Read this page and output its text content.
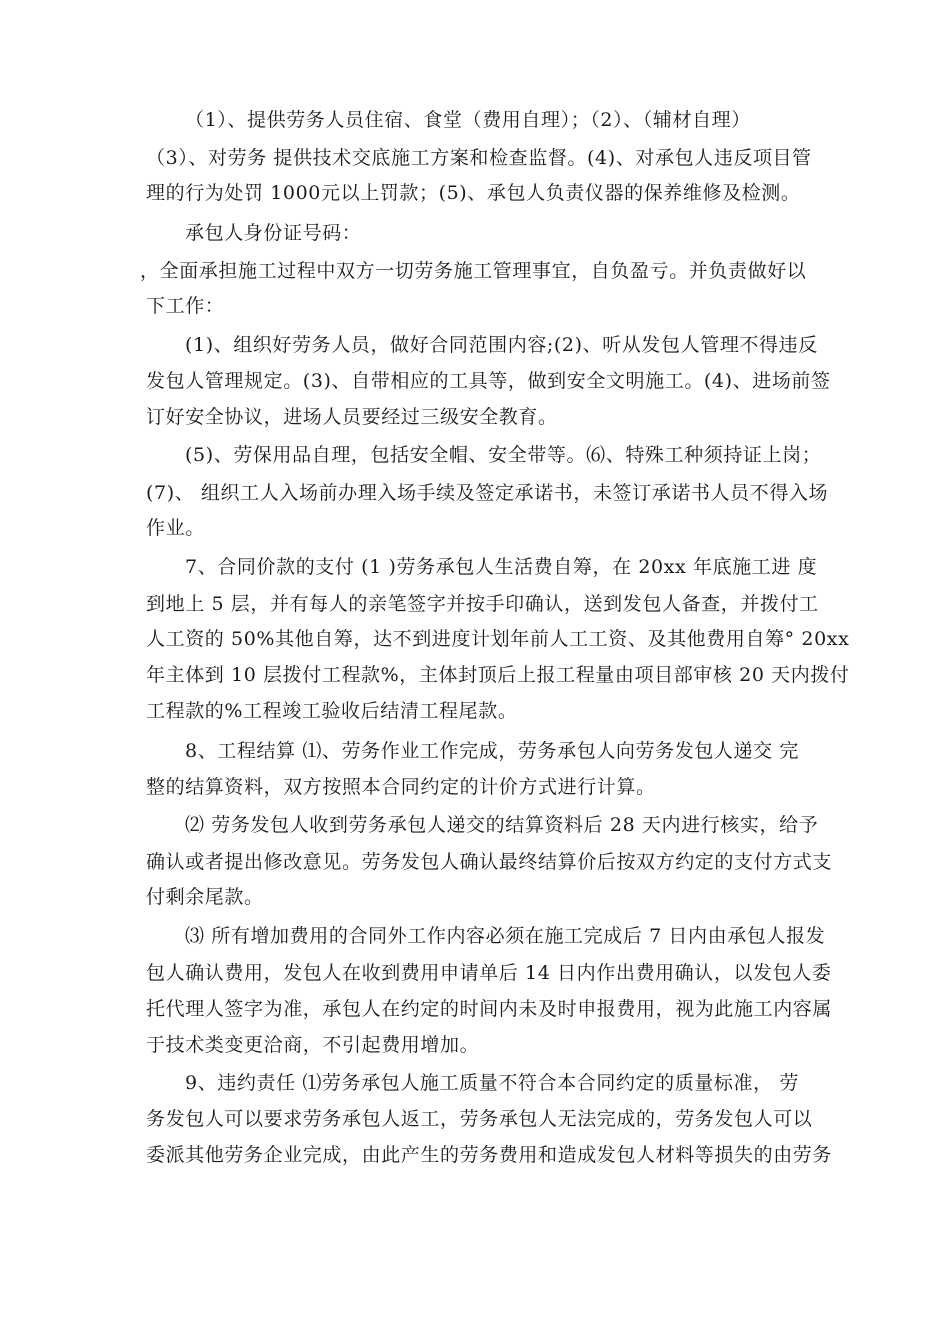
（1）、提供劳务人员住宿、食堂（费用自理）；（2）、（辅材自理）
（3）、对劳务 提供技术交底施工方案和检查监督。(4)、对承包人违反项目管
理的行为处罚 1000元以上罚款；(5)、承包人负责仪器的保养维修及检测。
承包人身份证号码：
，全面承担施工过程中双方一切劳务施工管理事宜，自负盈亏。并负责做好以
下工作：
(1)、组织好劳务人员，做好合同范围内容;(2)、听从发包人管理不得违反
发包人管理规定。(3)、自带相应的工具等，做到安全文明施工。(4)、进场前签
订好安全协议，进场人员要经过三级安全教育。
(5)、劳保用品自理，包括安全帽、安全带等。⑹、特殊工种须持证上岗；
(7)、 组织工人入场前办理入场手续及签定承诺书，未签订承诺书人员不得入场
作业。
7、合同价款的支付 (1 )劳务承包人生活费自筹，在 20xx 年底施工进 度
到地上 5 层，并有每人的亲笔签字并按手印确认，送到发包人备查，并拨付工
人工资的 50%其他自筹，达不到进度计划年前人工工资、及其他费用自筹° 20xx
年主体到 10 层拨付工程款%，主体封顶后上报工程量由项目部审核 20 天内拨付
工程款的%工程竣工验收后结清工程尾款。
8、工程结算 ⑴、劳务作业工作完成，劳务承包人向劳务发包人递交 完
整的结算资料，双方按照本合同约定的计价方式进行计算。
⑵ 劳务发包人收到劳务承包人递交的结算资料后 28 天内进行核实，给予
确认或者提出修改意见。劳务发包人确认最终结算价后按双方约定的支付方式支
付剩余尾款。
⑶ 所有增加费用的合同外工作内容必须在施工完成后 7 日内由承包人报发
包人确认费用，发包人在收到费用申请单后 14 日内作出费用确认，以发包人委
托代理人签字为准，承包人在约定的时间内未及时申报费用，视为此施工内容属
于技术类变更洽商，不引起费用增加。
9、违约责任 ⑴劳务承包人施工质量不符合本合同约定的质量标准， 劳
务发包人可以要求劳务承包人返工，劳务承包人无法完成的，劳务发包人可以
委派其他劳务企业完成，由此产生的劳务费用和造成发包人材料等损失的由劳务
